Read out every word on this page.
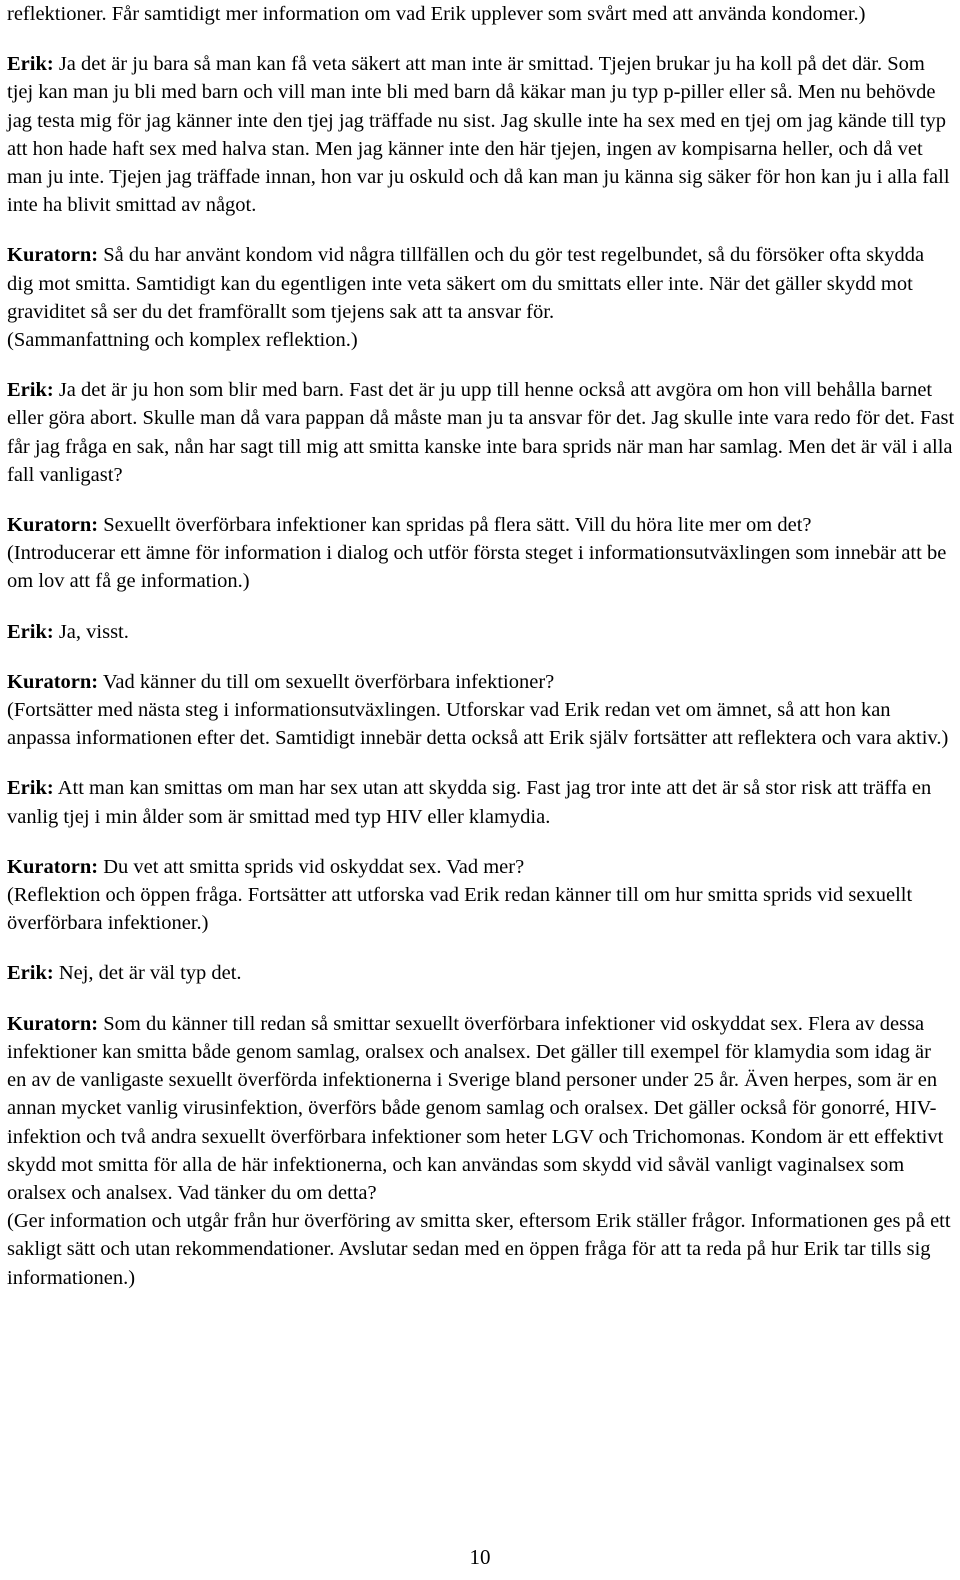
reflektioner. Får samtidigt mer information om vad Erik upplever som svårt med att använda kondomer.)

Erik: Ja det är ju bara så man kan få veta säkert att man inte är smittad. Tjejen brukar ju ha koll på det där. Som tjej kan man ju bli med barn och vill man inte bli med barn då käkar man ju typ p-piller eller så. Men nu behövde jag testa mig för jag känner inte den tjej jag träffade nu sist. Jag skulle inte ha sex med en tjej om jag kände till typ att hon hade haft sex med halva stan. Men jag känner inte den här tjejen, ingen av kompisarna heller, och då vet man ju inte. Tjejen jag träffade innan, hon var ju oskuld och då kan man ju känna sig säker för hon kan ju i alla fall inte ha blivit smittad av något.

Kuratorn: Så du har använt kondom vid några tillfällen och du gör test regelbundet, så du försöker ofta skydda dig mot smitta. Samtidigt kan du egentligen inte veta säkert om du smittats eller inte. När det gäller skydd mot graviditet så ser du det framförallt som tjejens sak att ta ansvar för.

(Sammanfattning och komplex reflektion.)

Erik: Ja det är ju hon som blir med barn. Fast det är ju upp till henne också att avgöra om hon vill behålla barnet eller göra abort. Skulle man då vara pappan då måste man ju ta ansvar för det. Jag skulle inte vara redo för det. Fast får jag fråga en sak, nån har sagt till mig att smitta kanske inte bara sprids när man har samlag. Men det är väl i alla fall vanligast?

Kuratorn: Sexuellt överförbara infektioner kan spridas på flera sätt. Vill du höra lite mer om det?

(Introducerar ett ämne för information i dialog och utför första steget i informationsutväxlingen som innebär att be om lov att få ge information.)

Erik: Ja, visst.

Kuratorn: Vad känner du till om sexuellt överförbara infektioner?

(Fortsätter med nästa steg i informationsutväxlingen. Utforskar vad Erik redan vet om ämnet, så att hon kan anpassa informationen efter det. Samtidigt innebär detta också att Erik själv fortsätter att reflektera och vara aktiv.)

Erik: Att man kan smittas om man har sex utan att skydda sig. Fast jag tror inte att det är så stor risk att träffa en vanlig tjej i min ålder som är smittad med typ HIV eller klamydia.

Kuratorn: Du vet att smitta sprids vid oskyddat sex. Vad mer?

(Reflektion och öppen fråga. Fortsätter att utforska vad Erik redan känner till om hur smitta sprids vid sexuellt överförbara infektioner.)

Erik: Nej, det är väl typ det.

Kuratorn: Som du känner till redan så smittar sexuellt överförbara infektioner vid oskyddat sex. Flera av dessa infektioner kan smitta både genom samlag, oralsex och analsex. Det gäller till exempel för klamydia som idag är en av de vanligaste sexuellt överförda infektionerna i Sverige bland personer under 25 år. Även herpes, som är en annan mycket vanlig virusinfektion, överförs både genom samlag och oralsex. Det gäller också för gonorré, HIV-infektion och två andra sexuellt överförbara infektioner som heter LGV och Trichomonas. Kondom är ett effektivt skydd mot smitta för alla de här infektionerna, och kan användas som skydd vid såväl vanligt vaginalsex som oralsex och analsex. Vad tänker du om detta?

(Ger information och utgår från hur överföring av smitta sker, eftersom Erik ställer frågor. Informationen ges på ett sakligt sätt och utan rekommendationer. Avslutar sedan med en öppen fråga för att ta reda på hur Erik tar tills sig informationen.)

10
